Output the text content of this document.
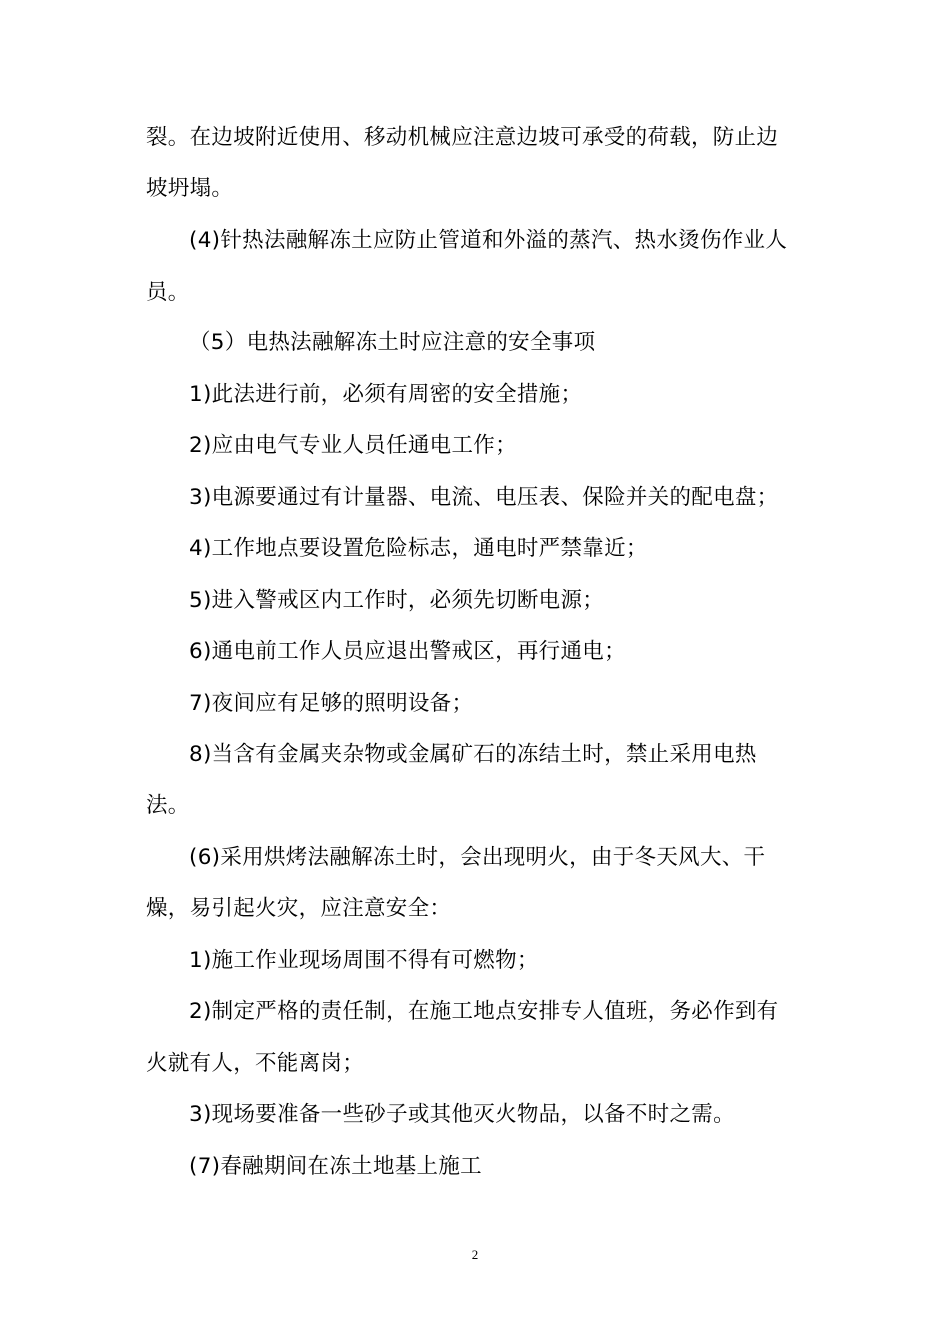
裂。在边坡附近使用、移动机械应注意边坡可承受的荷载，防止边
坡坍塌。
(4)针热法融解冻土应防止管道和外溢的蒸汽、热水烫伤作业人
员。
（5）电热法融解冻土时应注意的安全事项
1)此法进行前，必须有周密的安全措施；
2)应由电气专业人员任通电工作；
3)电源要通过有计量器、电流、电压表、保险并关的配电盘；
4)工作地点要设置危险标志，通电时严禁靠近；
5)进入警戒区内工作时，必须先切断电源；
6)通电前工作人员应退出警戒区，再行通电；
7)夜间应有足够的照明设备；
8)当含有金属夹杂物或金属矿石的冻结土时，禁止采用电热
法。
(6)采用烘烤法融解冻土时，会出现明火，由于冬天风大、干
燥，易引起火灾，应注意安全：
1)施工作业现场周围不得有可燃物；
2)制定严格的责任制，在施工地点安排专人值班，务必作到有
火就有人，不能离岗；
3)现场要准备一些砂子或其他灭火物品，以备不时之需。
(7)春融期间在冻土地基上施工
2
